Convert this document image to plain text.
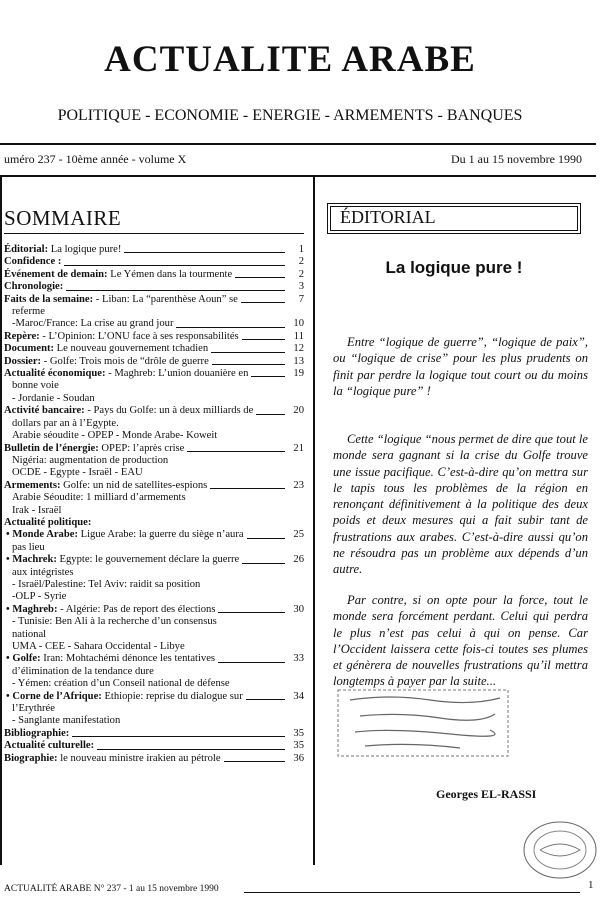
ACTUALITE ARABE
POLITIQUE - ECONOMIE - ENERGIE - ARMEMENTS - BANQUES
uméro 237 - 10ème année - volume X	Du 1 au 15 novembre 1990
SOMMAIRE
Éditorial: La logique pure!	1
Confidence :	2
Événement de demain: Le Yémen dans la tourmente	2
Chronologie:	3
Faits de la semaine: - Liban: La “parenthèse Aoun” se	7
referme
-Maroc/France: La crise au grand jour	10
Repère: - L’Opinion: L’ONU face à ses responsabilités	11
Document: Le nouveau gouvernement tchadien	12
Dossier: - Golfe: Trois mois de “drôle de guerre	13
Actualité économique: - Maghreb: L’union douanière en	19
bonne voie
- Jordanie - Soudan
Activité bancaire: - Pays du Golfe: un à deux milliards de	20
dollars par an à l’Egypte.
Arabie séoudite - OPEP - Monde Arabe- Koweit
Bulletin de l’énergie: OPEP: l’après crise	21
Nigéria: augmentation de production
OCDE - Egypte - Israël - EAU
Armements: Golfe: un nid de satellites-espions	23
Arabie Séoudite: 1 milliard d’armements
Irak - Israël
Actualité politique:
• Monde Arabe: Ligue Arabe: la guerre du siège n’aura	25
pas lieu
• Machrek: Egypte: le gouvernement déclare la guerre	26
aux intégristes
- Israël/Palestine: Tel Aviv: raidit sa position
-OLP - Syrie
• Maghreb: - Algérie: Pas de report des élections	30
- Tunisie: Ben Ali à la recherche d’un consensus
national
UMA - CEE - Sahara Occidental - Libye
• Golfe: Iran: Mohtachémi dénonce les tentatives	33
d’élimination de la tendance dure
- Yémen: création d’un Conseil national de défense
• Corne de l’Afrique: Ethiopie: reprise du dialogue sur	34
l’Erythrée
- Sanglante manifestation
Bibliographie:	35
Actualité culturelle:	35
Biographie: le nouveau ministre irakien au pétrole	36
ÉDITORIAL
La logique pure !

Entre “logique de guerre”, “logique de paix”, ou “logique de crise” pour les plus prudents on finit par perdre la logique tout court ou du moins la “logique pure” !

Cette “logique “nous permet de dire que tout le monde sera gagnant si la crise du Golfe trouve une issue pacifique. C’est-à-dire qu’on mettra sur le tapis tous les problèmes de la région en renonçant définitivement à la politique des deux poids et deux mesures qui a fait subir tant de frustrations aux arabes. C’est-à-dire aussi qu’on ne résoudra pas un problème aux dépends d’un autre.

Par contre, si on opte pour la force, tout le monde sera forcément perdant. Celui qui perdra le plus n’est pas celui à qui on pense. Car l’Occident laissera cette fois-ci toutes ses plumes et génèrera de nouvelles frustrations qu’il mettra longtemps à payer par la suite...

Georges EL-RASSI
ACTUALITÉ ARABE N° 237 - 1 au 15 novembre 1990	1
